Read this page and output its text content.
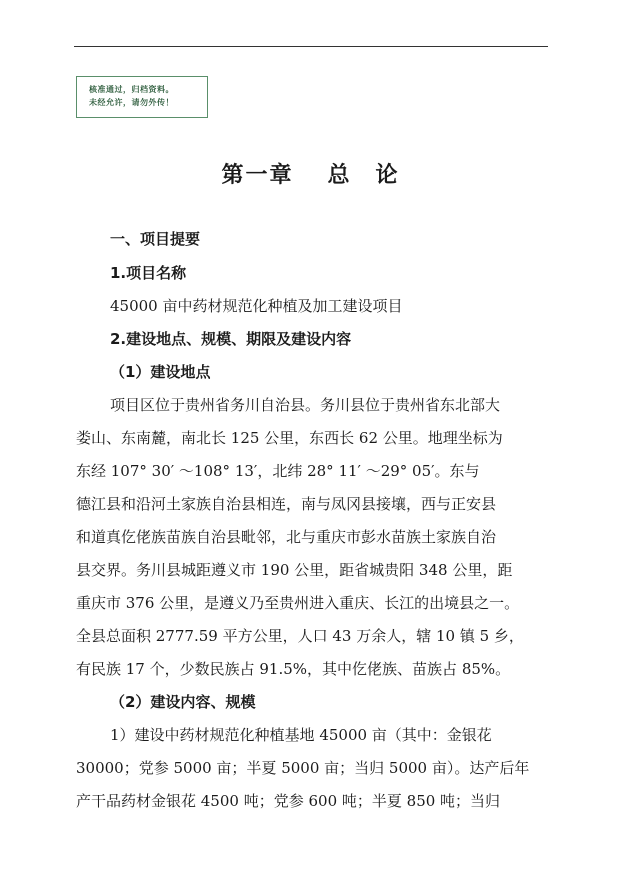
核准通过，归档资料。
未经允许，请勿外传！
第一章 总　论
一、项目提要
1.项目名称
45000 亩中药材规范化种植及加工建设项目
2.建设地点、规模、期限及建设内容
（1）建设地点
项目区位于贵州省务川自治县。务川县位于贵州省东北部大
娄山、东南麓，南北长 125 公里，东西长 62 公里。地理坐标为
东经 107° 30′ ～108° 13′，北纬 28° 11′ ～29° 05′。东与
德江县和沿河土家族自治县相连，南与凤冈县接壤，西与正安县
和道真仡佬族苗族自治县毗邻，北与重庆市彭水苗族土家族自治
县交界。务川县城距遵义市 190 公里，距省城贵阳 348 公里，距
重庆市 376 公里，是遵义乃至贵州进入重庆、长江的出境县之一。
全县总面积 2777.59 平方公里，人口 43 万余人，辖 10 镇 5 乡，
有民族 17 个，少数民族占 91.5%，其中仡佬族、苗族占 85%。
（2）建设内容、规模
1）建设中药材规范化种植基地 45000 亩（其中：金银花
30000；党参 5000 亩；半夏 5000 亩；当归 5000 亩）。达产后年
产干品药材金银花 4500 吨；党参 600 吨；半夏 850 吨；当归
